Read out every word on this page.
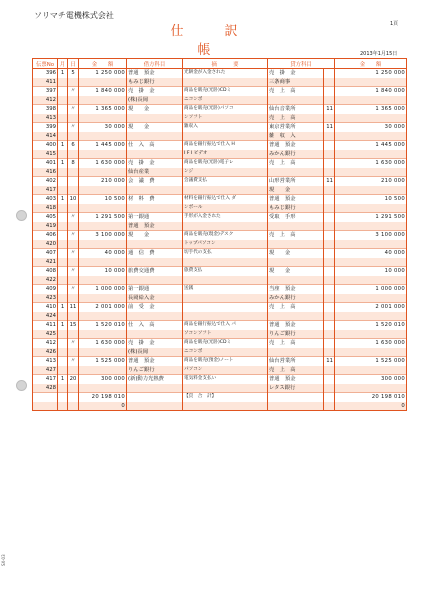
ソリマチ電機株式会社
仕　訳　帳
1頁
2013年1月15日
SX-03
伝票No	月	日	金　　額	借方科目	摘　　　要	貸方科目		金　　額
396	1	5	1 250 000	普通　預金	光餅金が入金された	売　掛　金		1 250 000
411				もみじ銀行		三条商事		
397		〃	1 840 000	売　掛　金	商品を販売(光卧)CDミ	売　上　高		1 840 000
412				(株)長岡	ニコンポ			
398		〃	1 365 000	現　　金	商品を販売(光卧)パソコ	仙台音業所	11	1 365 000
413					ンソフト	売　上　高		
399		〃	30 000	現　　金	雑収入	東京営業所	11	30 000
414						雑　収　入		
400	1	6	1 445 000	仕　入　高	商品を銀行振込で仕入 H	普通　預金		1 445 000
415					I F I ビデオ	みかん銀行		
401	1	8	1 630 000	売　掛　金	商品を販売(光卧)電子レ	売　上　高		1 630 000
416				仙台産業	ンジ			
402			210 000	会　議　費	会議費支払	山形営業所	11	210 000
417						現　　金		
403	1	10	10 500	材　料　費	材料を銀行振込で仕入 ダ	普通　預金		10 500
418					ンボール	もみじ銀行		
405		〃	1 291 500	第一銀通	手形が入金された	受取　手形		1 291 500
419				普通　預金				
406		〃	3 100 000	現　　金	商品を販売(現金)デスク	売　上　高		3 100 000
420					トップパソコン			
407		〃	40 000	通　信　費	切手代の支払	現　　金		40 000
421								
408		〃	10 000	旅費交通費	旅費支払	現　　金		10 000
422								
409		〃	1 000 000	第一銀通	送銭	当座　預金		1 000 000
423				長岡給入金		みかん銀行		
410	1	11	2 001 000	前　受　金		売　上　高		2 001 000
424								
411	1	15	1 520 010	仕　入　高	商品を銀行振込で仕入 パ	普通　預金		1 520 010
425					ソコンソフト	りんご銀行		
412		〃	1 630 000	売　掛　金	商品を販売(光卧)CDミ	売　上　高		1 630 000
426				(株)長岡	ニコンポ			
413		〃	1 525 000	普通　預金	商品を販売(預金)ノート	仙台営業所	11	1 525 000
427				りんご銀行	パソコン	売　上　高		
417	1	20	300 000	(新)動力光熱費	電気料金支払い	普通　預金		300 000
428						レタス銀行		
			20 198 010		【頁　合　計】			20 198 010
			0					0
